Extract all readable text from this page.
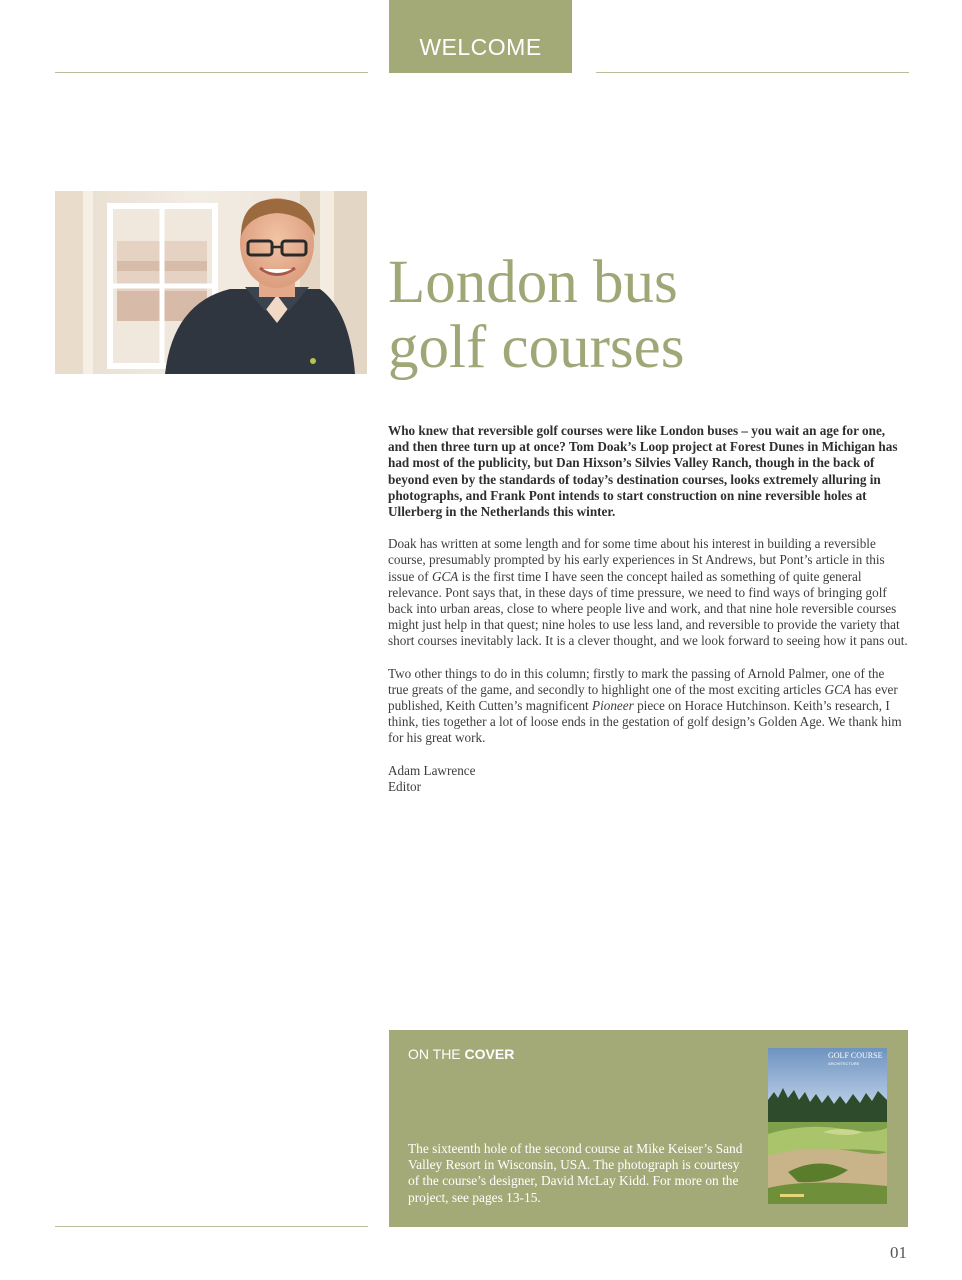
WELCOME
London bus
golf courses

Who knew that reversible golf courses were like London buses – you wait an age for one, and then three turn up at once? Tom Doak’s Loop project at Forest Dunes in Michigan has had most of the publicity, but Dan Hixson’s Silvies Valley Ranch, though in the back of beyond even by the standards of today’s destination courses, looks extremely alluring in photographs, and Frank Pont intends to start construction on nine reversible holes at Ullerberg in the Netherlands this winter.

Doak has written at some length and for some time about his interest in building a reversible course, presumably prompted by his early experiences in St Andrews, but Pont’s article in this issue of GCA is the first time I have seen the concept hailed as something of quite general relevance. Pont says that, in these days of time pressure, we need to find ways of bringing golf back into urban areas, close to where people live and work, and that nine hole reversible courses might just help in that quest; nine holes to use less land, and reversible to provide the variety that short courses inevitably lack. It is a clever thought, and we look forward to seeing how it pans out.

Two other things to do in this column; firstly to mark the passing of Arnold Palmer, one of the true greats of the game, and secondly to highlight one of the most exciting articles GCA has ever published, Keith Cutten’s magnificent Pioneer piece on Horace Hutchinson. Keith’s research, I think, ties together a lot of loose ends in the gestation of golf design’s Golden Age. We thank him for his great work.

Adam Lawrence

Editor

ON THE COVER
The sixteenth hole of the second course at Mike Keiser’s Sand Valley Resort in Wisconsin, USA. The photograph is courtesy of the course’s designer, David McLay Kidd. For more on the project, see pages 13-15.
GOLF COURSE
ARCHITECTURE
01
